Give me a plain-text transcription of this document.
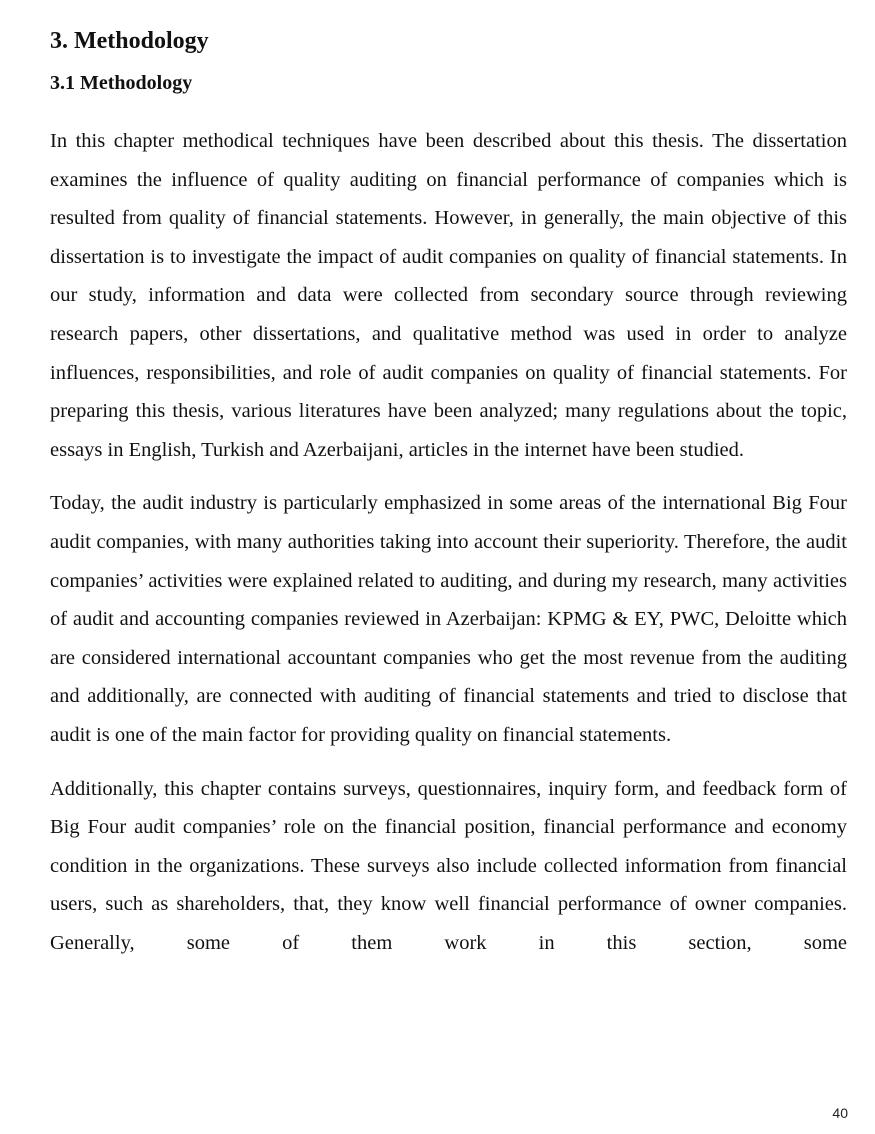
3. Methodology
3.1 Methodology

In this chapter methodical techniques have been described about this thesis. The dissertation examines the influence of quality auditing on financial performance of companies which is resulted from quality of financial statements. However, in generally, the main objective of this dissertation is to investigate the impact of audit companies on quality of financial statements. In our study, information and data were collected from secondary source through reviewing research papers, other dissertations, and qualitative method was used in order to analyze influences, responsibilities, and role of audit companies on quality of financial statements. For preparing this thesis, various literatures have been analyzed; many regulations about the topic, essays in English, Turkish and Azerbaijani, articles in the internet have been studied.

Today, the audit industry is particularly emphasized in some areas of the international Big Four audit companies, with many authorities taking into account their superiority. Therefore, the audit companies’ activities were explained related to auditing, and during my research, many activities of audit and accounting companies reviewed in Azerbaijan: KPMG & EY, PWC, Deloitte which are considered international accountant companies who get the most revenue from the auditing and additionally, are connected with auditing of financial statements and tried to disclose that audit is one of the main factor for providing quality on financial statements.

Additionally, this chapter contains surveys, questionnaires, inquiry form, and feedback form of Big Four audit companies’ role on the financial position, financial performance and economy condition in the organizations. These surveys also include collected information from financial users, such as shareholders, that, they know well financial performance of owner companies. Generally, some of them work in this section, some

40
